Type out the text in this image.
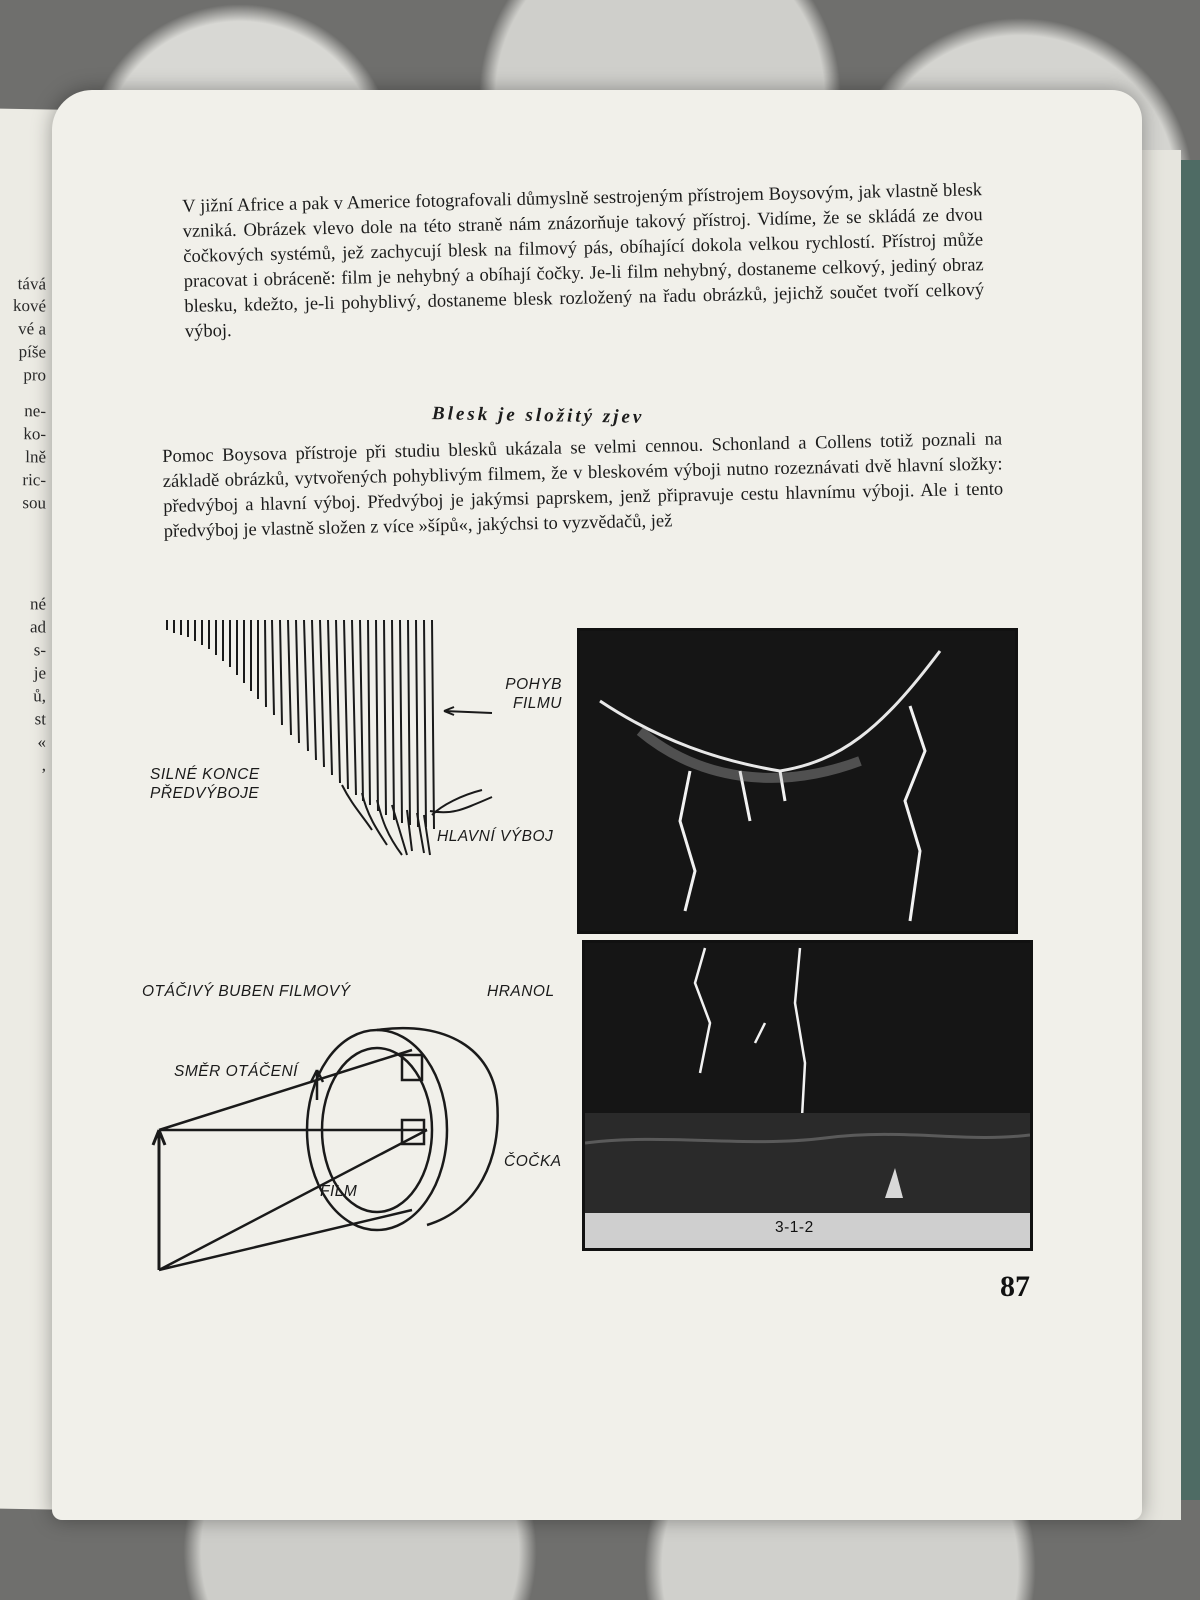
tává
kové
vé a
píše
pro
ne-
ko-
lně
ric-
sou
né
ad
s-
je
ů,
st
«
,
V jižní Africe a pak v Americe fotografovali důmyslně sestrojeným přístrojem Boysovým, jak vlastně blesk vzniká. Obrázek vlevo dole na této straně nám znázorňuje takový přístroj. Vidíme, že se skládá ze dvou čočkových systémů, jež zachycují blesk na filmový pás, obíhající dokola velkou rychlostí. Přístroj může pracovat i obráceně: film je nehybný a obíhají čočky. Je-li film nehybný, dostaneme celkový, jediný obraz blesku, kdežto, je-li pohyblivý, dostaneme blesk rozložený na řadu obrázků, jejichž součet tvoří celkový výboj.
Blesk je složitý zjev
Pomoc Boysova přístroje při studiu blesků ukázala se velmi cennou. Schonland a Collens totiž poznali na základě obrázků, vytvořených pohyblivým filmem, že v bleskovém výboji nutno rozeznávati dvě hlavní složky: předvýboj a hlavní výboj. Předvýboj je jakýmsi paprskem, jenž připravuje cestu hlavnímu výboji. Ale i tento předvýboj je vlastně složen z více »šípů«, jakýchsi to vyzvědačů, jež
POHYB FILMU
SILNÉ KONCE PŘEDVÝBOJE
HLAVNÍ VÝBOJ
OTÁČIVÝ BUBEN FILMOVÝ	HRANOL
SMĚR OTÁČENÍ
FILM
ČOČKA
3-1-2
87
